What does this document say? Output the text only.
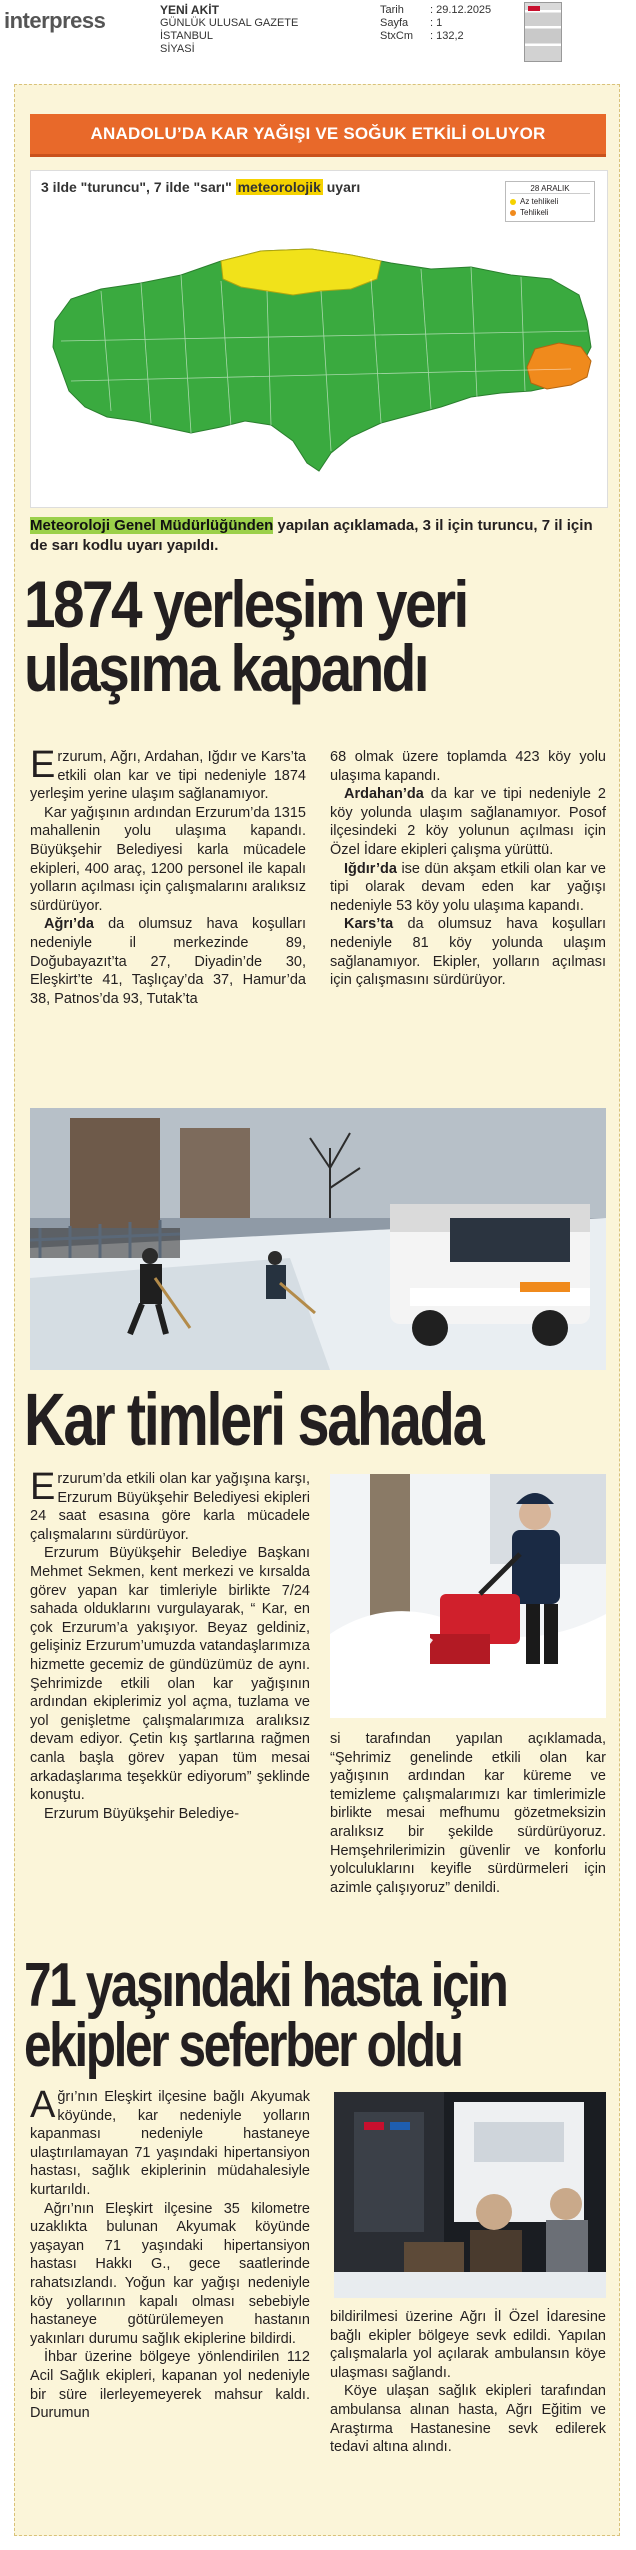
interpress	YENİ AKİT
GÜNLÜK ULUSAL GAZETE
İSTANBUL
SİYASİ
Tarih	: 29.12.2025
Sayfa	: 1
StxCm	: 132,2
ANADOLU’DA KAR YAĞIŞI VE SOĞUK ETKİLİ OLUYOR
3 ilde "turuncu", 7 ilde "sarı" meteorolojik uyarı	28 ARALIK
Az tehlikeli
Tehlikeli
Meteoroloji Genel Müdürlüğünden yapılan açıklamada, 3 il için turuncu, 7 il için de sarı kodlu uyarı yapıldı.
1874 yerleşim yeri
ulaşıma kapandı

Erzurum, Ağrı, Ardahan, Iğdır ve Kars’ta etkili olan kar ve tipi nedeniyle 1874 yerleşim yerine ulaşım sağlanamıyor.

Kar yağışının ardından Erzurum’da 1315 mahallenin yolu ulaşıma kapandı. Büyükşehir Belediyesi karla mücadele ekipleri, 400 araç, 1200 personel ile kapalı yolların açılması için çalışmalarını aralıksız sürdürüyor.

Ağrı’da da olumsuz hava koşulları nedeniyle il merkezinde 89, Doğubayazıt’ta 27, Diyadin’de 30, Eleşkirt’te 41, Taşlıçay’da 37, Hamur’da 38, Patnos’da 93, Tutak’ta

68 olmak üzere toplamda 423 köy yolu ulaşıma kapandı.

Ardahan’da da kar ve tipi nedeniyle 2 köy yolunda ulaşım sağlanamıyor. Posof ilçesindeki 2 köy yolunun açılması için Özel İdare ekipleri çalışma yürüttü.

Iğdır’da ise dün akşam etkili olan kar ve tipi olarak devam eden kar yağışı nedeniyle 53 köy yolu ulaşıma kapandı.

Kars’ta da olumsuz hava koşulları nedeniyle 81 köy yolunda ulaşım sağlanamıyor. Ekipler, yolların açılması için çalışmasını sürdürüyor.

Kar timleri sahada

Erzurum’da etkili olan kar yağışına karşı, Erzurum Büyükşehir Belediyesi ekipleri 24 saat esasına göre karla mücadele çalışmalarını sürdürüyor.

Erzurum Büyükşehir Belediye Başkanı Mehmet Sekmen, kent merkezi ve kırsalda görev yapan kar timleriyle birlikte 7/24 sahada olduklarını vurgulayarak, “ Kar, en çok Erzurum’a yakışıyor. Beyaz geldiniz, gelişiniz Erzurum’umuzda vatandaşlarımıza hizmette gecemiz de gündüzümüz de aynı. Şehrimizde etkili olan kar yağışının ardından ekiplerimiz yol açma, tuzlama ve yol genişletme çalışmalarımıza aralıksız devam ediyor. Çetin kış şartlarına rağmen canla başla görev yapan tüm mesai arkadaşlarıma teşekkür ediyorum” şeklinde konuştu.

Erzurum Büyükşehir Belediye-

si tarafından yapılan açıklamada, “Şehrimiz genelinde etkili olan kar yağışının ardından kar küreme ve temizleme çalışmalarımızı kar timlerimizle birlikte mesai mefhumu gözetmeksizin aralıksız bir şekilde sürdürüyoruz. Hemşehrilerimizin güvenlir ve konforlu yolculuklarını keyifle sürdürmeleri için azimle çalışıyoruz” denildi.

71 yaşındaki hasta için
ekipler seferber oldu

Ağrı’nın Eleşkirt ilçesine bağlı Akyumak köyünde, kar nedeniyle yolların kapanması nedeniyle hastaneye ulaştırılamayan 71 yaşındaki hipertansiyon hastası, sağlık ekiplerinin müdahalesiyle kurtarıldı.

Ağrı’nın Eleşkirt ilçesine 35 kilometre uzaklıkta bulunan Akyumak köyünde yaşayan 71 yaşındaki hipertansiyon hastası Hakkı G., gece saatlerinde rahatsızlandı. Yoğun kar yağışı nedeniyle köy yollarının kapalı olması sebebiyle hastaneye götürülemeyen hastanın yakınları durumu sağlık ekiplerine bildirdi.

İhbar üzerine bölgeye yönlendirilen 112 Acil Sağlık ekipleri, kapanan yol nedeniyle bir süre ilerleyemeyerek mahsur kaldı. Durumun

bildirilmesi üzerine Ağrı İl Özel İdaresine bağlı ekipler bölgeye sevk edildi. Yapılan çalışmalarla yol açılarak ambulansın köye ulaşması sağlandı.

Köye ulaşan sağlık ekipleri tarafından ambulansa alınan hasta, Ağrı Eğitim ve Araştırma Hastanesine sevk edilerek tedavi altına alındı.
